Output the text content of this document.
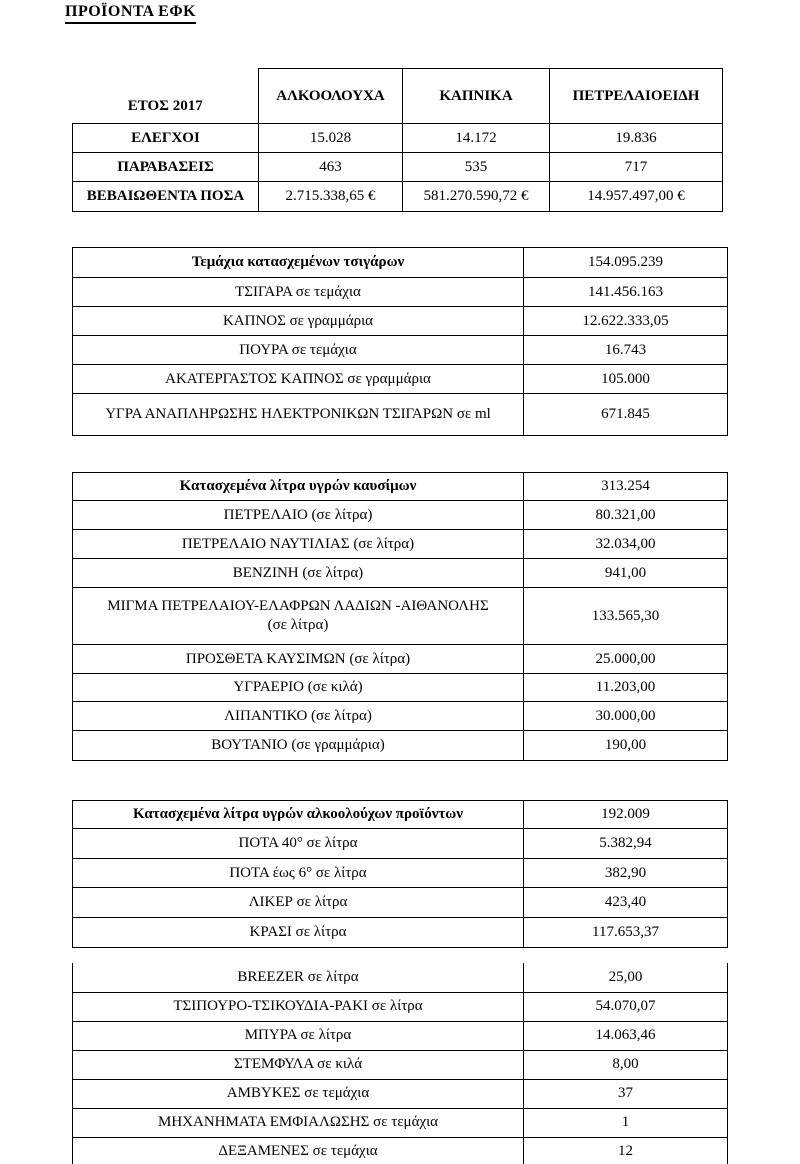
ΠΡΟΪΟΝΤΑ ΕΦΚ
ΕΤΟΣ 2017	ΑΛΚΟΟΛΟΥΧΑ	ΚΑΠΝΙΚΑ	ΠΕΤΡΕΛΑΙΟΕΙΔΗ
ΕΛΕΓΧΟΙ	15.028	14.172	19.836
ΠΑΡΑΒΑΣΕΙΣ	463	535	717
ΒΕΒΑΙΩΘΕΝΤΑ ΠΟΣΑ	2.715.338,65 €	581.270.590,72 €	14.957.497,00 €
Τεμάχια κατασχεμένων τσιγάρων	154.095.239
ΤΣΙΓΑΡΑ σε τεμάχια	141.456.163
ΚΑΠΝΟΣ σε γραμμάρια	12.622.333,05
ΠΟΥΡΑ σε τεμάχια	16.743
ΑΚΑΤΕΡΓΑΣΤΟΣ ΚΑΠΝΟΣ σε γραμμάρια	105.000
ΥΓΡΑ ΑΝΑΠΛΗΡΩΣΗΣ ΗΛΕΚΤΡΟΝΙΚΩΝ ΤΣΙΓΑΡΩΝ σε ml	671.845
Κατασχεμένα λίτρα υγρών καυσίμων	313.254
ΠΕΤΡΕΛΑΙΟ (σε λίτρα)	80.321,00
ΠΕΤΡΕΛΑΙΟ ΝΑΥΤΙΛΙΑΣ (σε λίτρα)	32.034,00
ΒΕΝΖΙΝΗ (σε λίτρα)	941,00
ΜΙΓΜΑ ΠΕΤΡΕΛΑΙΟΥ-ΕΛΑΦΡΩΝ ΛΑΔΙΩΝ -ΑΙΘΑΝΟΛΗΣ
(σε λίτρα)	133.565,30
ΠΡΟΣΘΕΤΑ ΚΑΥΣΙΜΩΝ (σε λίτρα)	25.000,00
ΥΓΡΑΕΡΙΟ (σε κιλά)	11.203,00
ΛΙΠΑΝΤΙΚΟ (σε λίτρα)	30.000,00
ΒΟΥΤΑΝΙΟ (σε γραμμάρια)	190,00
Κατασχεμένα λίτρα υγρών αλκοολούχων προϊόντων	192.009
ΠΟΤΑ 40° σε λίτρα	5.382,94
ΠΟΤΑ έως 6° σε λίτρα	382,90
ΛΙΚΕΡ σε λίτρα	423,40
ΚΡΑΣΙ σε λίτρα	117.653,37
BREEZER σε λίτρα	25,00
ΤΣΙΠΟΥΡΟ-ΤΣΙΚΟΥΔΙΑ-ΡΑΚΙ σε λίτρα	54.070,07
ΜΠΥΡΑ σε λίτρα	14.063,46
ΣΤΕΜΦΥΛΑ σε κιλά	8,00
ΑΜΒΥΚΕΣ σε τεμάχια	37
ΜΗΧΑΝΗΜΑΤΑ ΕΜΦΙΑΛΩΣΗΣ σε τεμάχια	1
ΔΕΞΑΜΕΝΕΣ σε τεμάχια	12
